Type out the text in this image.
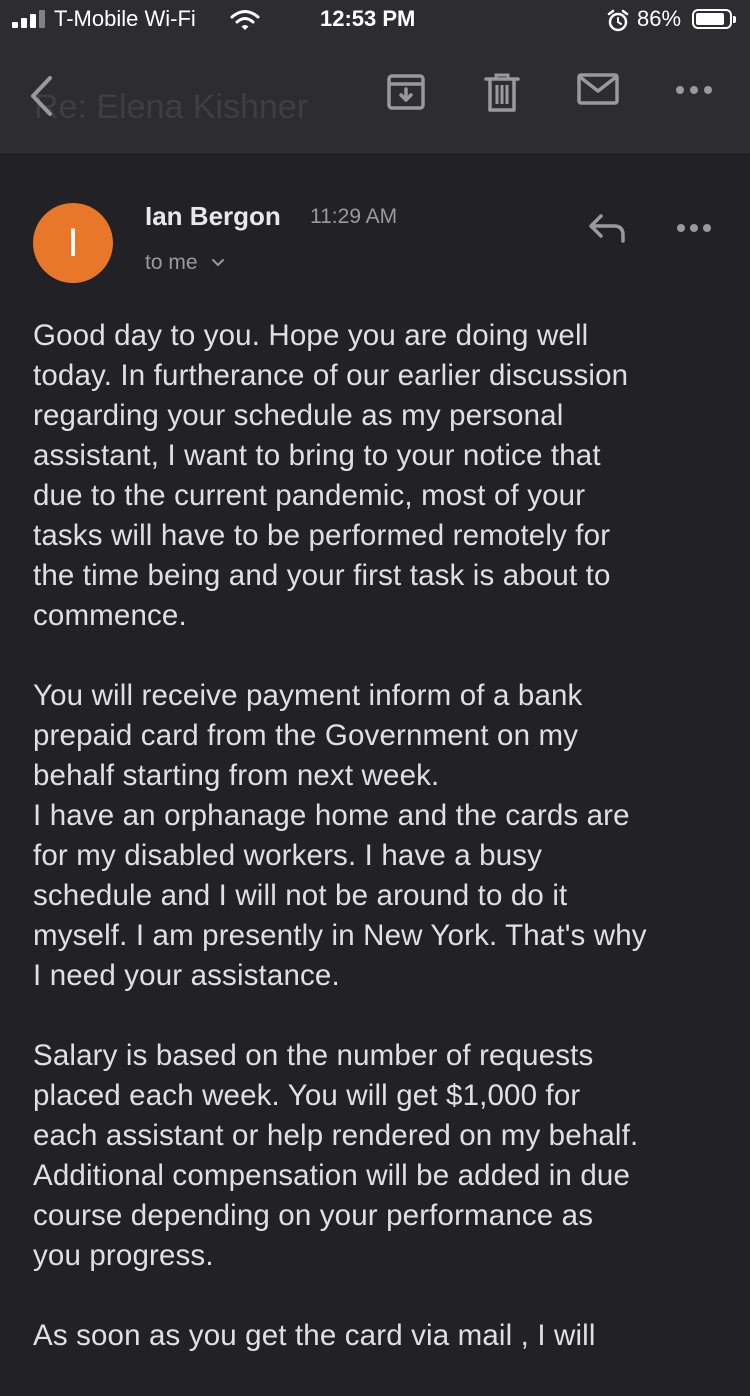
T-Mobile Wi-Fi	12:53 PM	86%
Re: Elena Kishner
I
Ian Bergon 11:29 AM
to me

Good day to you. Hope you are doing well
today. In furtherance of our earlier discussion
regarding your schedule as my personal
assistant, I want to bring to your notice that
due to the current pandemic, most of your
tasks will have to be performed remotely for
the time being and your first task is about to
commence.

You will receive payment inform of a bank
prepaid card from the Government on my
behalf starting from next week.
I have an orphanage home and the cards are
for my disabled workers. I have a busy
schedule and I will not be around to do it
myself. I am presently in New York. That's why
I need your assistance.

Salary is based on the number of requests
placed each week. You will get $1,000 for
each assistant or help rendered on my behalf.
Additional compensation will be added in due
course depending on your performance as
you progress.

As soon as you get the card via mail , I will
